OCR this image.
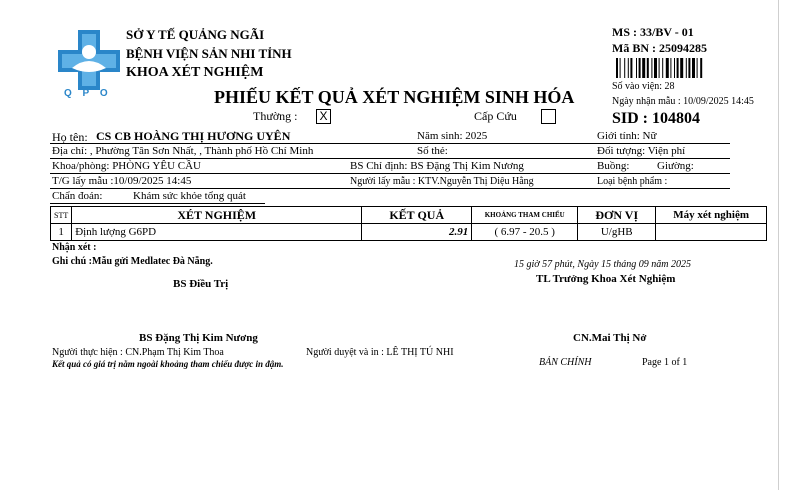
Q P O
SỞ Y TẾ QUẢNG NGÃI
BỆNH VIỆN SẢN NHI TỈNH
KHOA XÉT NGHIỆM
PHIẾU KẾT QUẢ XÉT NGHIỆM SINH HÓA
MS : 33/BV - 01
Mã BN : 25094285
Số vào viện: 28
Ngày nhận mẫu : 10/09/2025 14:45
SID : 104804
Thường : X	Cấp Cứu
Họ tên: CS CB HOÀNG THỊ HƯƠNG UYÊN	Năm sinh: 2025	Giới tính: Nữ
Địa chỉ: , Phường Tân Sơn Nhất, , Thành phố Hồ Chí Minh	Số thẻ:	Đối tượng: Viện phí
Khoa/phòng: PHÒNG YÊU CẦU	BS Chỉ định: BS Đặng Thị Kim Nương	Buồng:	Giường:
T/G lấy mẫu :10/09/2025 14:45	Người lấy mẫu : KTV.Nguyễn Thị Diệu Hằng	Loại bệnh phẩm :
Chẩn đoán:	Khám sức khỏe tổng quát
STT	XÉT NGHIỆM	KẾT QUẢ	KHOẢNG THAM CHIẾU	ĐƠN VỊ	Máy xét nghiệm
1	Định lượng G6PD	2.91	( 6.97 - 20.5 )	U/gHB	
Nhận xét :
Ghi chú :Mẫu gửi Medlatec Đà Nẵng.	15 giờ 57 phút, Ngày 15 tháng 09 năm 2025
TL Trưởng Khoa Xét Nghiệm
BS Điều Trị
BS Đặng Thị Kim Nương	CN.Mai Thị Nở
Người thực hiện : CN.Phạm Thị Kim Thoa	Người duyệt và in : LÊ THỊ TÚ NHI
Kết quả có giá trị nằm ngoài khoảng tham chiếu được in đậm.	BẢN CHÍNH	Page 1 of 1
